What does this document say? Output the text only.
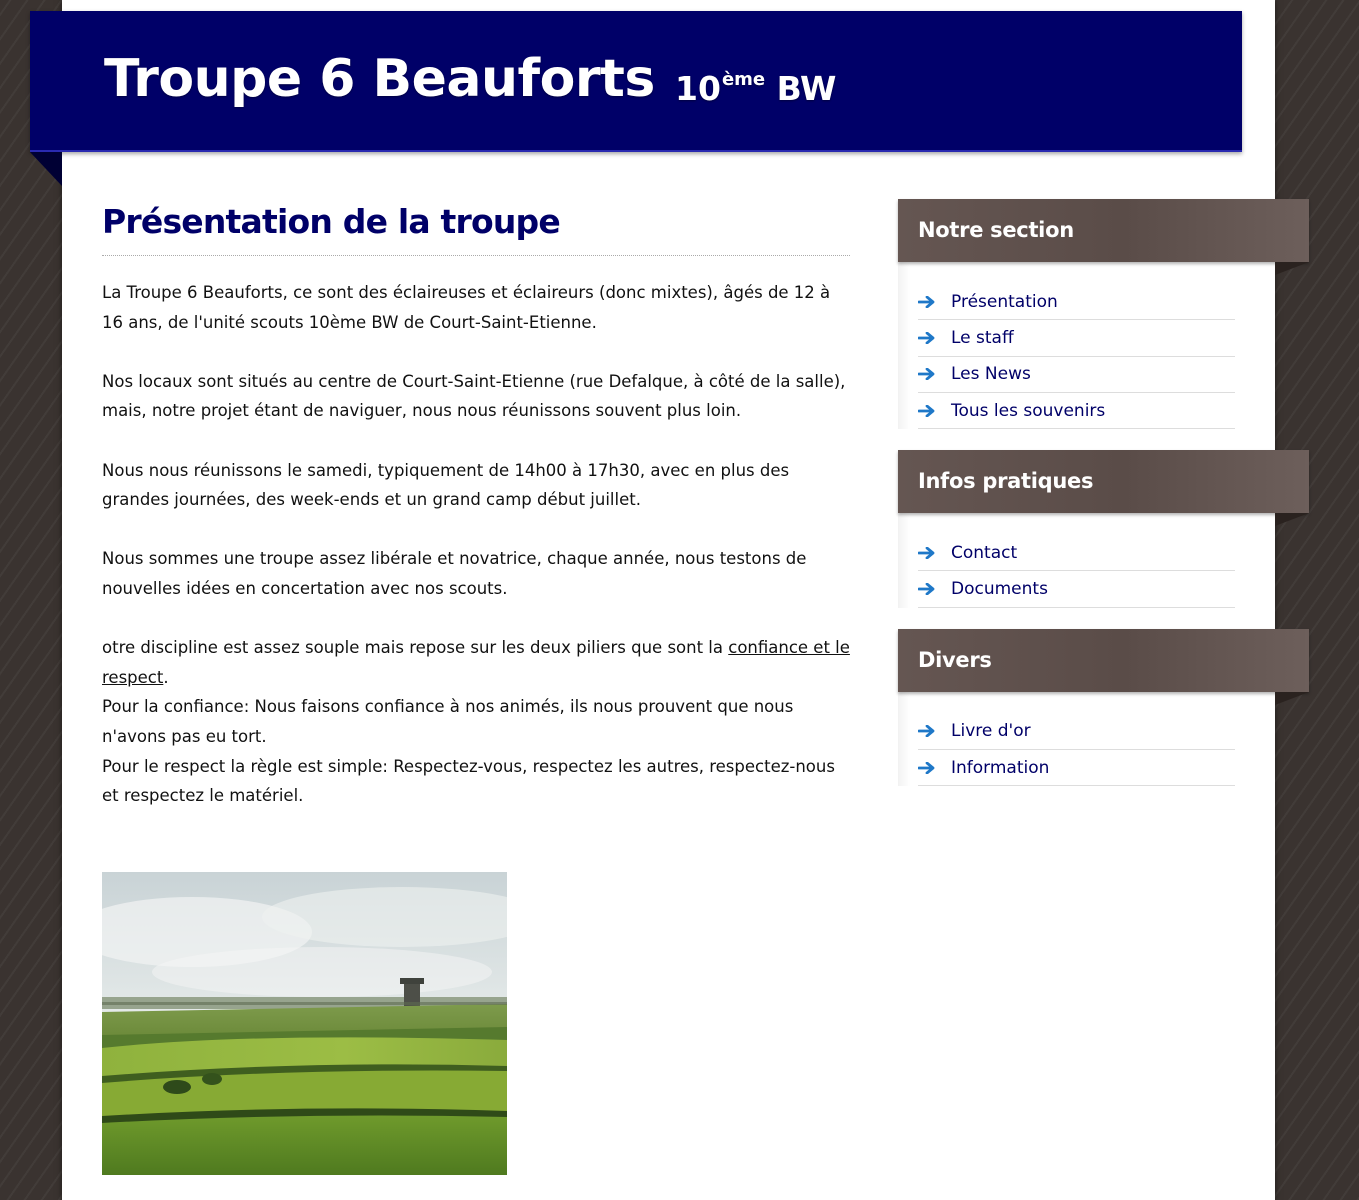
Troupe 6 Beauforts 10ème BW
Présentation de la troupe

La Troupe 6 Beauforts, ce sont des éclaireuses et éclaireurs (donc mixtes), âgés de 12 à 16 ans, de l'unité scouts 10ème BW de Court-Saint-Etienne.

Nos locaux sont situés au centre de Court-Saint-Etienne (rue Defalque, à côté de la salle), mais, notre projet étant de naviguer, nous nous réunissons souvent plus loin.

Nous nous réunissons le samedi, typiquement de 14h00 à 17h30, avec en plus des grandes journées, des week-ends et un grand camp début juillet.

Nous sommes une troupe assez libérale et novatrice, chaque année, nous testons de nouvelles idées en concertation avec nos scouts.

otre discipline est assez souple mais repose sur les deux piliers que sont la confiance et le respect.

Pour la confiance: Nous faisons confiance à nos animés, ils nous prouvent que nous n'avons pas eu tort.

Pour le respect la règle est simple: Respectez-vous, respectez les autres, respectez-nous et respectez le matériel.

Notre section
Présentation
Le staff
Les News
Tous les souvenirs
Infos pratiques
Contact
Documents
Divers
Livre d'or
Information
